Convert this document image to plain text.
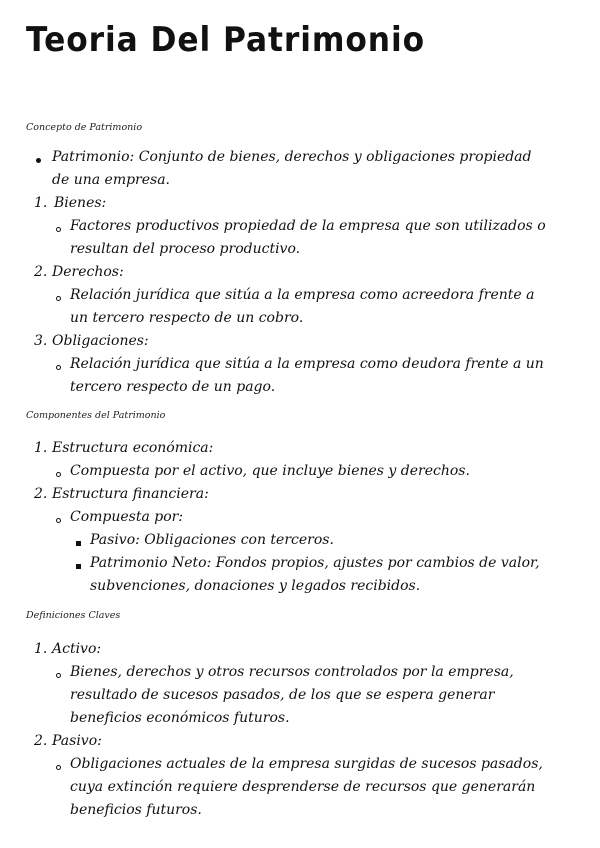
Teoria Del Patrimonio
Concepto de Patrimonio
Patrimonio: Conjunto de bienes, derechos y obligaciones propiedad
de una empresa.
1. Bienes:
Factores productivos propiedad de la empresa que son utilizados o
resultan del proceso productivo.
2. Derechos:
Relación jurídica que sitúa a la empresa como acreedora frente a
un tercero respecto de un cobro.
3. Obligaciones:
Relación jurídica que sitúa a la empresa como deudora frente a un
tercero respecto de un pago.
Componentes del Patrimonio
1. Estructura económica:
Compuesta por el activo, que incluye bienes y derechos.
2. Estructura financiera:
Compuesta por:
Pasivo: Obligaciones con terceros.
Patrimonio Neto: Fondos propios, ajustes por cambios de valor,
subvenciones, donaciones y legados recibidos.
Definiciones Claves
1. Activo:
Bienes, derechos y otros recursos controlados por la empresa,
resultado de sucesos pasados, de los que se espera generar
beneficios económicos futuros.
2. Pasivo:
Obligaciones actuales de la empresa surgidas de sucesos pasados,
cuya extinción requiere desprenderse de recursos que generarán
beneficios futuros.
